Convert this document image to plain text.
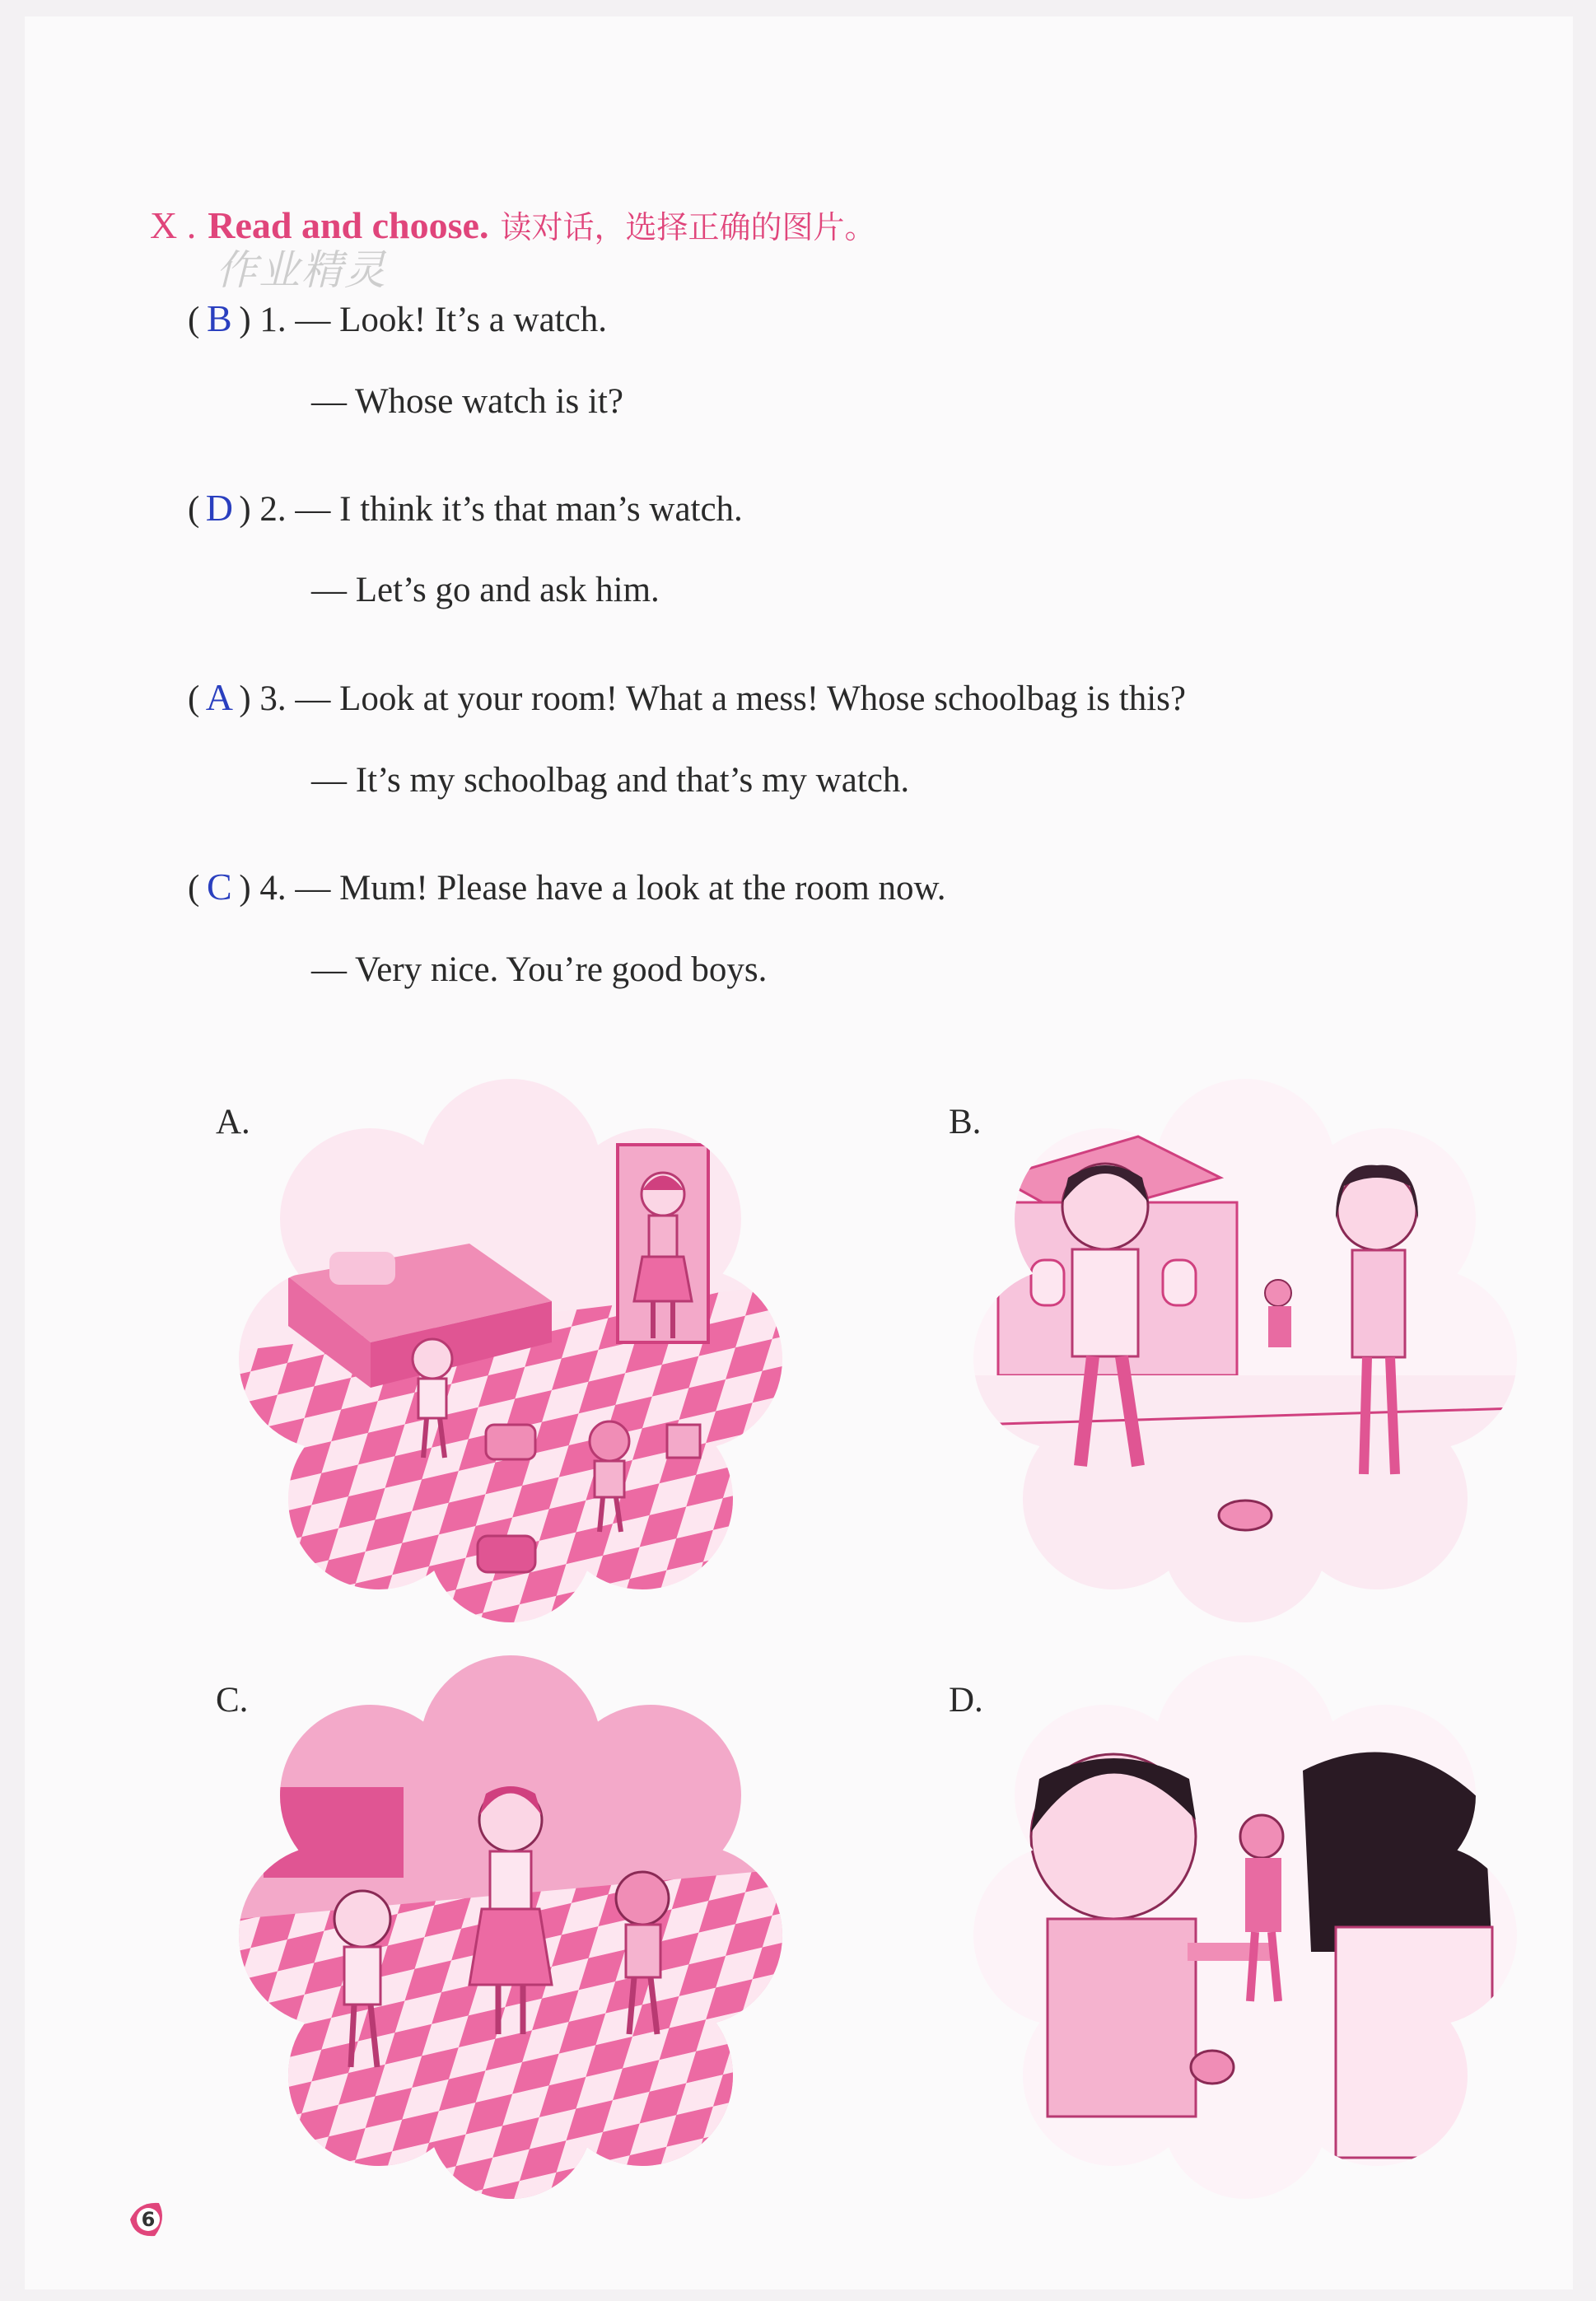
X . Read and choose. 读对话，选择正确的图片。
作业精灵
( B ) 1. — Look! It’s a watch.
— Whose watch is it?
( D ) 2. — I think it’s that man’s watch.
— Let’s go and ask him.
( A ) 3. — Look at your room! What a mess! Whose schoolbag is this?
— It’s my schoolbag and that’s my watch.
( C ) 4. — Mum! Please have a look at the room now.
— Very nice. You’re good boys.
A.	B.
C.	D.
6
